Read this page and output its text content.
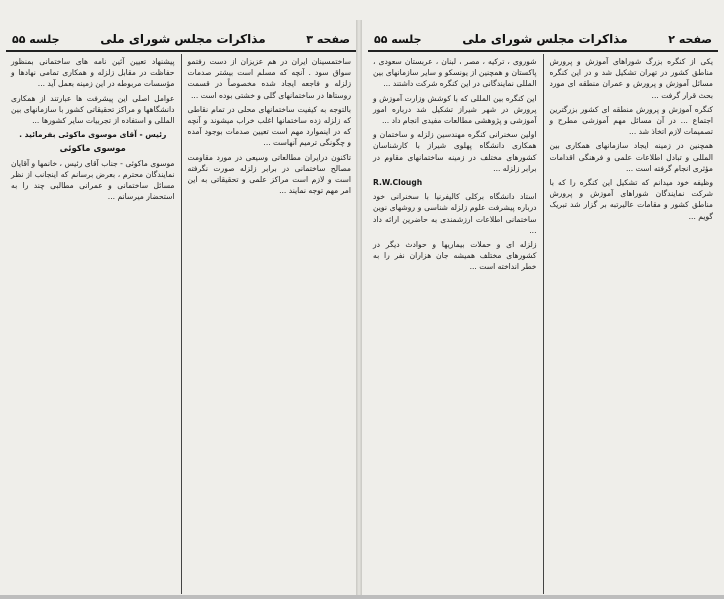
صفحه ۳
مذاکرات مجلس شورای ملی
جلسه ۵۵

ساختمسینان ایران در هم عزیزان از دست رفتمو سواق سود . آنچه که مسلم است بیشتر صدمات زلزله و فاجعه ایجاد شده مخصوصاً در قسمت روستاها در ساختمانهای گلی و خشتی بوده است ...

بالتوجه به کیفیت ساختمانهای محلی در تمام نقاطی که زلزله زده ساختمانها اغلب خراب میشوند و آنچه که در اینموارد مهم است تعیین صدمات بوجود آمده و چگونگی ترمیم آنهاست ...

تاکنون درایران مطالعاتی وسیعی در مورد مقاومت مصالح ساختمانی در برابر زلزله صورت نگرفته است و لازم است مراکز علمی و تحقیقاتی به این امر مهم توجه نمایند ...

پیشنهاد تعیین آئین نامه های ساختمانی بمنظور حفاظت در مقابل زلزله و همکاری تمامی نهادها و مؤسسات مربوطه در این زمینه بعمل آید ...

عوامل اصلی این پیشرفت ها عبارتند از همکاری دانشگاهها و مراکز تحقیقاتی کشور با سازمانهای بین المللی و استفاده از تجربیات سایر کشورها ...

رئیس - آقای موسوی ماکوئی بفرمائید .

موسوی ماکوئی

موسوی ماکوئی - جناب آقای رئیس ، خانمها و آقایان نمایندگان محترم ، بعرض برسانم که اینجانب از نظر مسائل ساختمانی و عمرانی مطالبی چند را به استحضار میرسانم ...

صفحه ۲
مذاکرات مجلس شورای ملی
جلسه ۵۵

یکی از کنگره بزرگ شوراهای آموزش و پرورش مناطق کشور در تهران تشکیل شد و در این کنگره مسائل آموزش و پرورش و عمران منطقه ای مورد بحث قرار گرفت ...

کنگره آموزش و پرورش منطقه ای کشور بزرگترین اجتماع ... در آن مسائل مهم آموزشی مطرح و تصمیمات لازم اتخاذ شد ...

همچنین در زمینه ایجاد سازمانهای همکاری بین المللی و تبادل اطلاعات علمی و فرهنگی اقدامات مؤثری انجام گرفته است ...

وظیفه خود میدانم که تشکیل این کنگره را که با شرکت نمایندگان شوراهای آموزش و پرورش مناطق کشور و مقامات عالیرتبه بر گزار شد تبریک گویم ...

شوروی ، ترکیه ، مصر ، لبنان ، عربستان سعودی ، پاکستان و همچنین از یونسکو و سایر سازمانهای بین المللی نمایندگانی در این کنگره شرکت داشتند ...

این کنگره بین المللی که با کوشش وزارت آموزش و پرورش در شهر شیراز تشکیل شد درباره امور آموزشی و پژوهشی مطالعات مفیدی انجام داد ...

اولین سخنرانی کنگره مهندسین زلزله و ساختمان و همکاری دانشگاه پهلوی شیراز با کارشناسان کشورهای مختلف در زمینه ساختمانهای مقاوم در برابر زلزله ...

R.W.Clough

استاد دانشگاه برکلی کالیفرنیا با سخنرانی خود درباره پیشرفت علوم زلزله شناسی و روشهای نوین ساختمانی اطلاعات ارزشمندی به حاضرین ارائه داد ...

زلزله ای و حملات بیماریها و حوادث دیگر در کشورهای مختلف همیشه جان هزاران نفر را به خطر انداخته است ...
